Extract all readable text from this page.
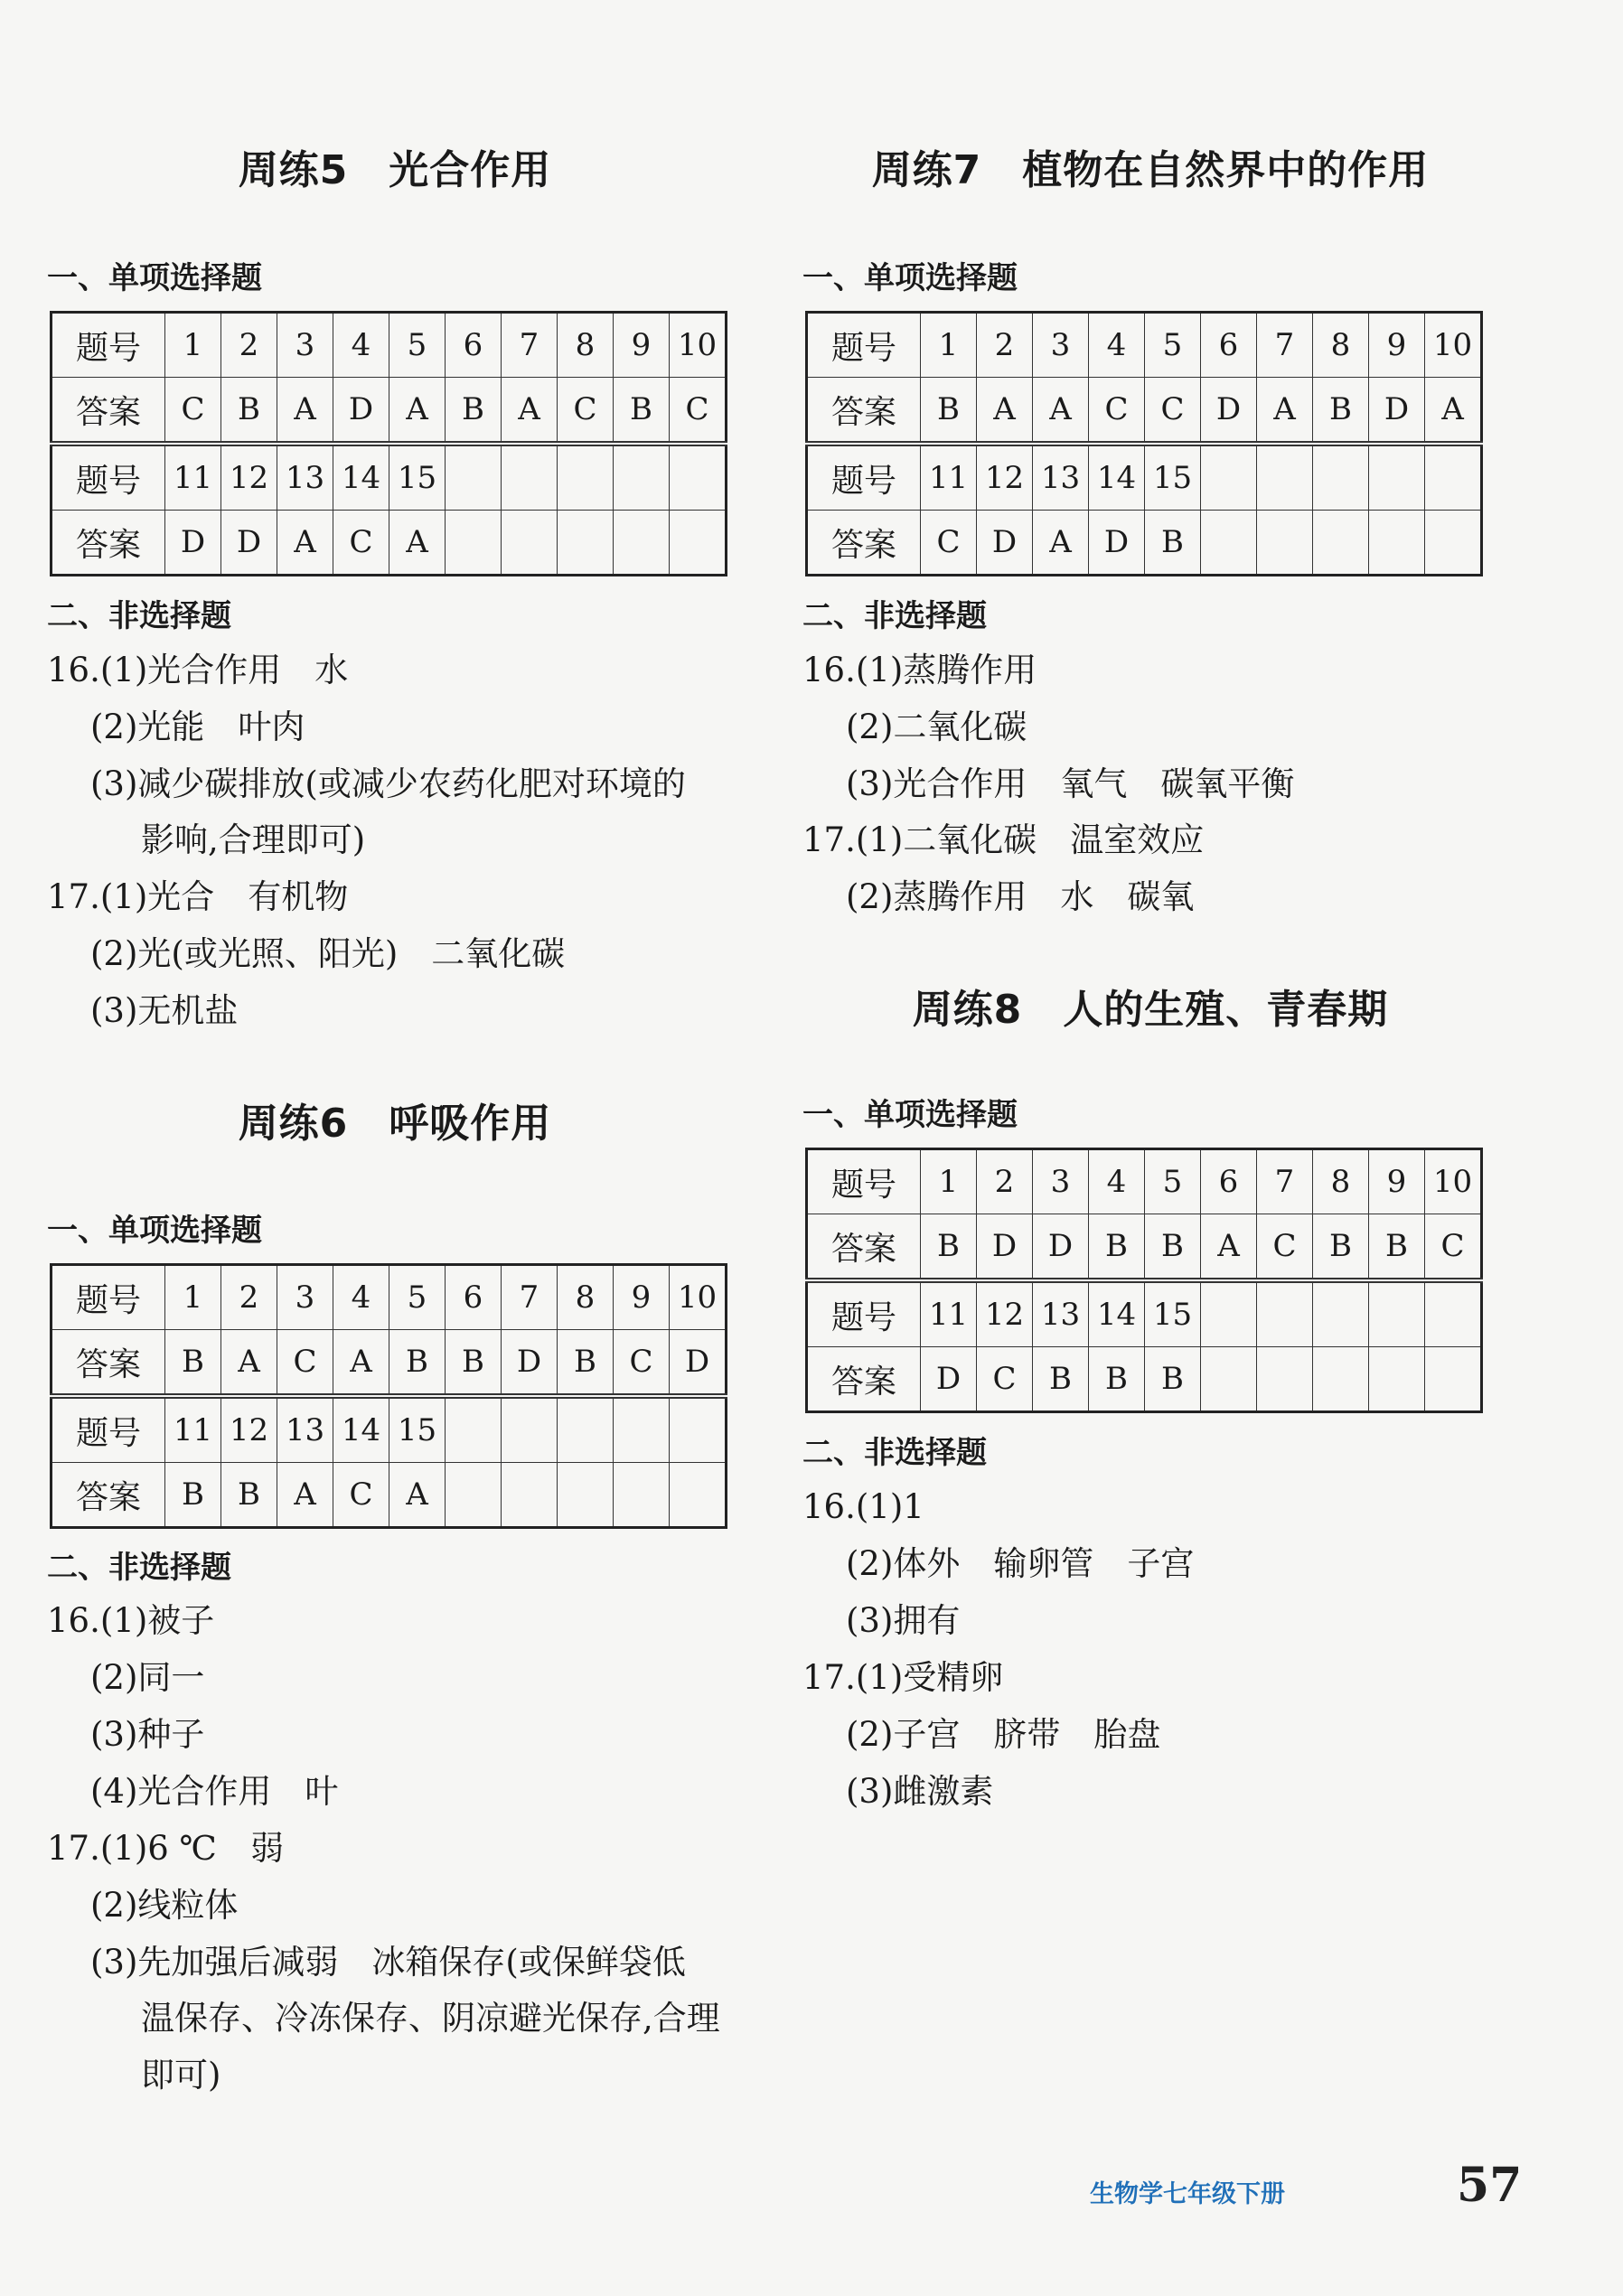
周练5　光合作用
一、单项选择题
题号	1	2	3	4	5	6	7	8	9	10
答案	C	B	A	D	A	B	A	C	B	C
题号	11	12	13	14	15					
答案	D	D	A	C	A					
二、非选择题
16.(1)光合作用　水
(2)光能　叶肉
(3)减少碳排放(或减少农药化肥对环境的
影响,合理即可)
17.(1)光合　有机物
(2)光(或光照、阳光)　二氧化碳
(3)无机盐
周练6　呼吸作用
一、单项选择题
题号	1	2	3	4	5	6	7	8	9	10
答案	B	A	C	A	B	B	D	B	C	D
题号	11	12	13	14	15					
答案	B	B	A	C	A					
二、非选择题
16.(1)被子
(2)同一
(3)种子
(4)光合作用　叶
17.(1)6 ℃　弱
(2)线粒体
(3)先加强后减弱　冰箱保存(或保鲜袋低
温保存、冷冻保存、阴凉避光保存,合理
即可)
周练7　植物在自然界中的作用
一、单项选择题
题号	1	2	3	4	5	6	7	8	9	10
答案	B	A	A	C	C	D	A	B	D	A
题号	11	12	13	14	15					
答案	C	D	A	D	B					
二、非选择题
16.(1)蒸腾作用
(2)二氧化碳
(3)光合作用　氧气　碳氧平衡
17.(1)二氧化碳　温室效应
(2)蒸腾作用　水　碳氧
周练8　人的生殖、青春期
一、单项选择题
题号	1	2	3	4	5	6	7	8	9	10
答案	B	D	D	B	B	A	C	B	B	C
题号	11	12	13	14	15					
答案	D	C	B	B	B					
二、非选择题
16.(1)1
(2)体外　输卵管　子宫
(3)拥有
17.(1)受精卵
(2)子宫　脐带　胎盘
(3)雌激素
生物学七年级下册	57
